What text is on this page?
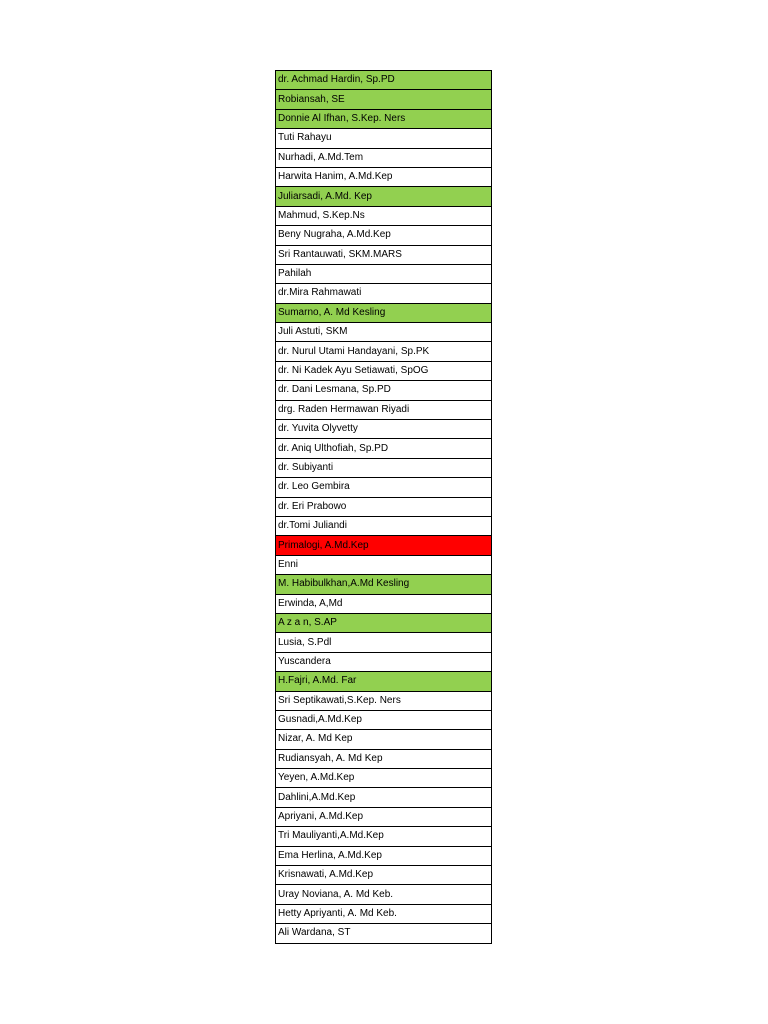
dr. Achmad Hardin, Sp.PD
Robiansah, SE
Donnie Al Ifhan, S.Kep. Ners
Tuti Rahayu
Nurhadi, A.Md.Tem
Harwita Hanim, A.Md.Kep
Juliarsadi, A.Md. Kep
Mahmud, S.Kep.Ns
Beny Nugraha, A.Md.Kep
Sri Rantauwati, SKM.MARS
Pahilah
dr.Mira Rahmawati
Sumarno, A. Md Kesling
Juli Astuti, SKM
dr. Nurul Utami Handayani, Sp.PK
dr. Ni Kadek Ayu Setiawati, SpOG
dr. Dani Lesmana, Sp.PD
drg. Raden Hermawan Riyadi
dr. Yuvita Olyvetty
dr. Aniq Ulthofiah, Sp.PD
dr. Subiyanti
dr. Leo Gembira
dr. Eri Prabowo
dr.Tomi Juliandi
Primalogi, A.Md.Kep
Enni
M. Habibulkhan,A.Md Kesling
Erwinda, A,Md
A z a n, S.AP
Lusia, S.Pdl
Yuscandera
H.Fajri, A.Md. Far
Sri Septikawati,S.Kep. Ners
Gusnadi,A.Md.Kep
Nizar, A. Md Kep
Rudiansyah, A. Md Kep
Yeyen, A.Md.Kep
Dahlini,A.Md.Kep
Apriyani, A.Md.Kep
Tri Mauliyanti,A.Md.Kep
Ema Herlina, A.Md.Kep
Krisnawati, A.Md.Kep
Uray Noviana, A. Md Keb.
Hetty Apriyanti, A. Md Keb.
Ali Wardana, ST
